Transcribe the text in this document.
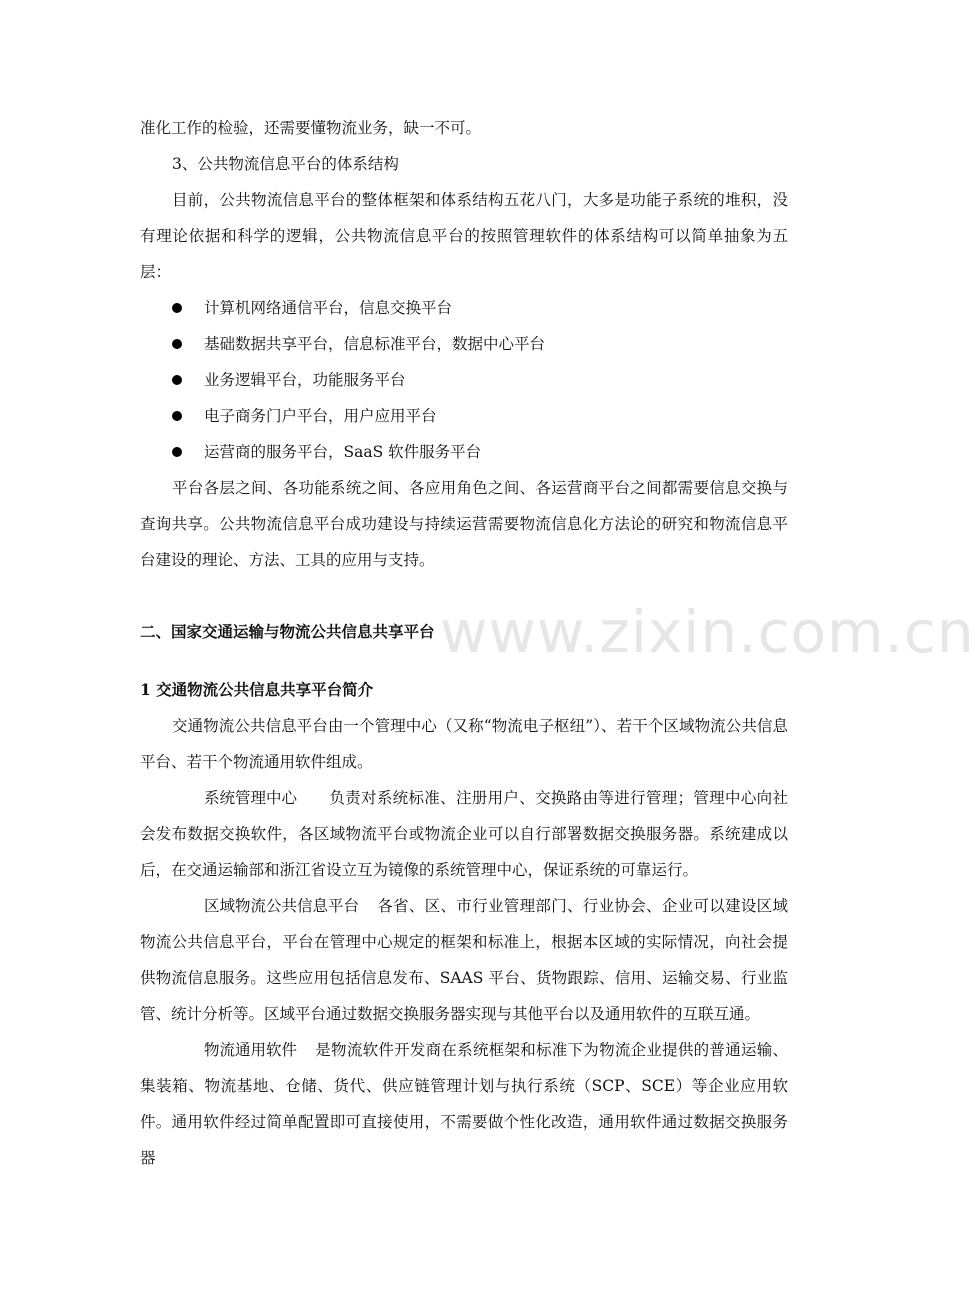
www.zixin.com.cn

准化工作的检验，还需要懂物流业务，缺一不可。

3、公共物流信息平台的体系结构

目前，公共物流信息平台的整体框架和体系结构五花八门，大多是功能子系统的堆积，没有理论依据和科学的逻辑，公共物流信息平台的按照管理软件的体系结构可以简单抽象为五层：

计算机网络通信平台，信息交换平台
基础数据共享平台，信息标准平台，数据中心平台
业务逻辑平台，功能服务平台
电子商务门户平台，用户应用平台
运营商的服务平台，SaaS 软件服务平台

平台各层之间、各功能系统之间、各应用角色之间、各运营商平台之间都需要信息交换与查询共享。公共物流信息平台成功建设与持续运营需要物流信息化方法论的研究和物流信息平台建设的理论、方法、工具的应用与支持。

二、国家交通运输与物流公共信息共享平台

1 交通物流公共信息共享平台简介

交通物流公共信息平台由一个管理中心（又称“物流电子枢纽”）、若干个区域物流公共信息平台、若干个物流通用软件组成。

系统管理中心 负责对系统标准、注册用户、交换路由等进行管理；管理中心向社会发布数据交换软件，各区域物流平台或物流企业可以自行部署数据交换服务器。系统建成以后，在交通运输部和浙江省设立互为镜像的系统管理中心，保证系统的可靠运行。

区域物流公共信息平台 各省、区、市行业管理部门、行业协会、企业可以建设区域物流公共信息平台，平台在管理中心规定的框架和标准上，根据本区域的实际情况，向社会提供物流信息服务。这些应用包括信息发布、SAAS 平台、货物跟踪、信用、运输交易、行业监管、统计分析等。区域平台通过数据交换服务器实现与其他平台以及通用软件的互联互通。

物流通用软件 是物流软件开发商在系统框架和标准下为物流企业提供的普通运输、集装箱、物流基地、仓储、货代、供应链管理计划与执行系统（SCP、SCE）等企业应用软件。通用软件经过简单配置即可直接使用，不需要做个性化改造，通用软件通过数据交换服务器
